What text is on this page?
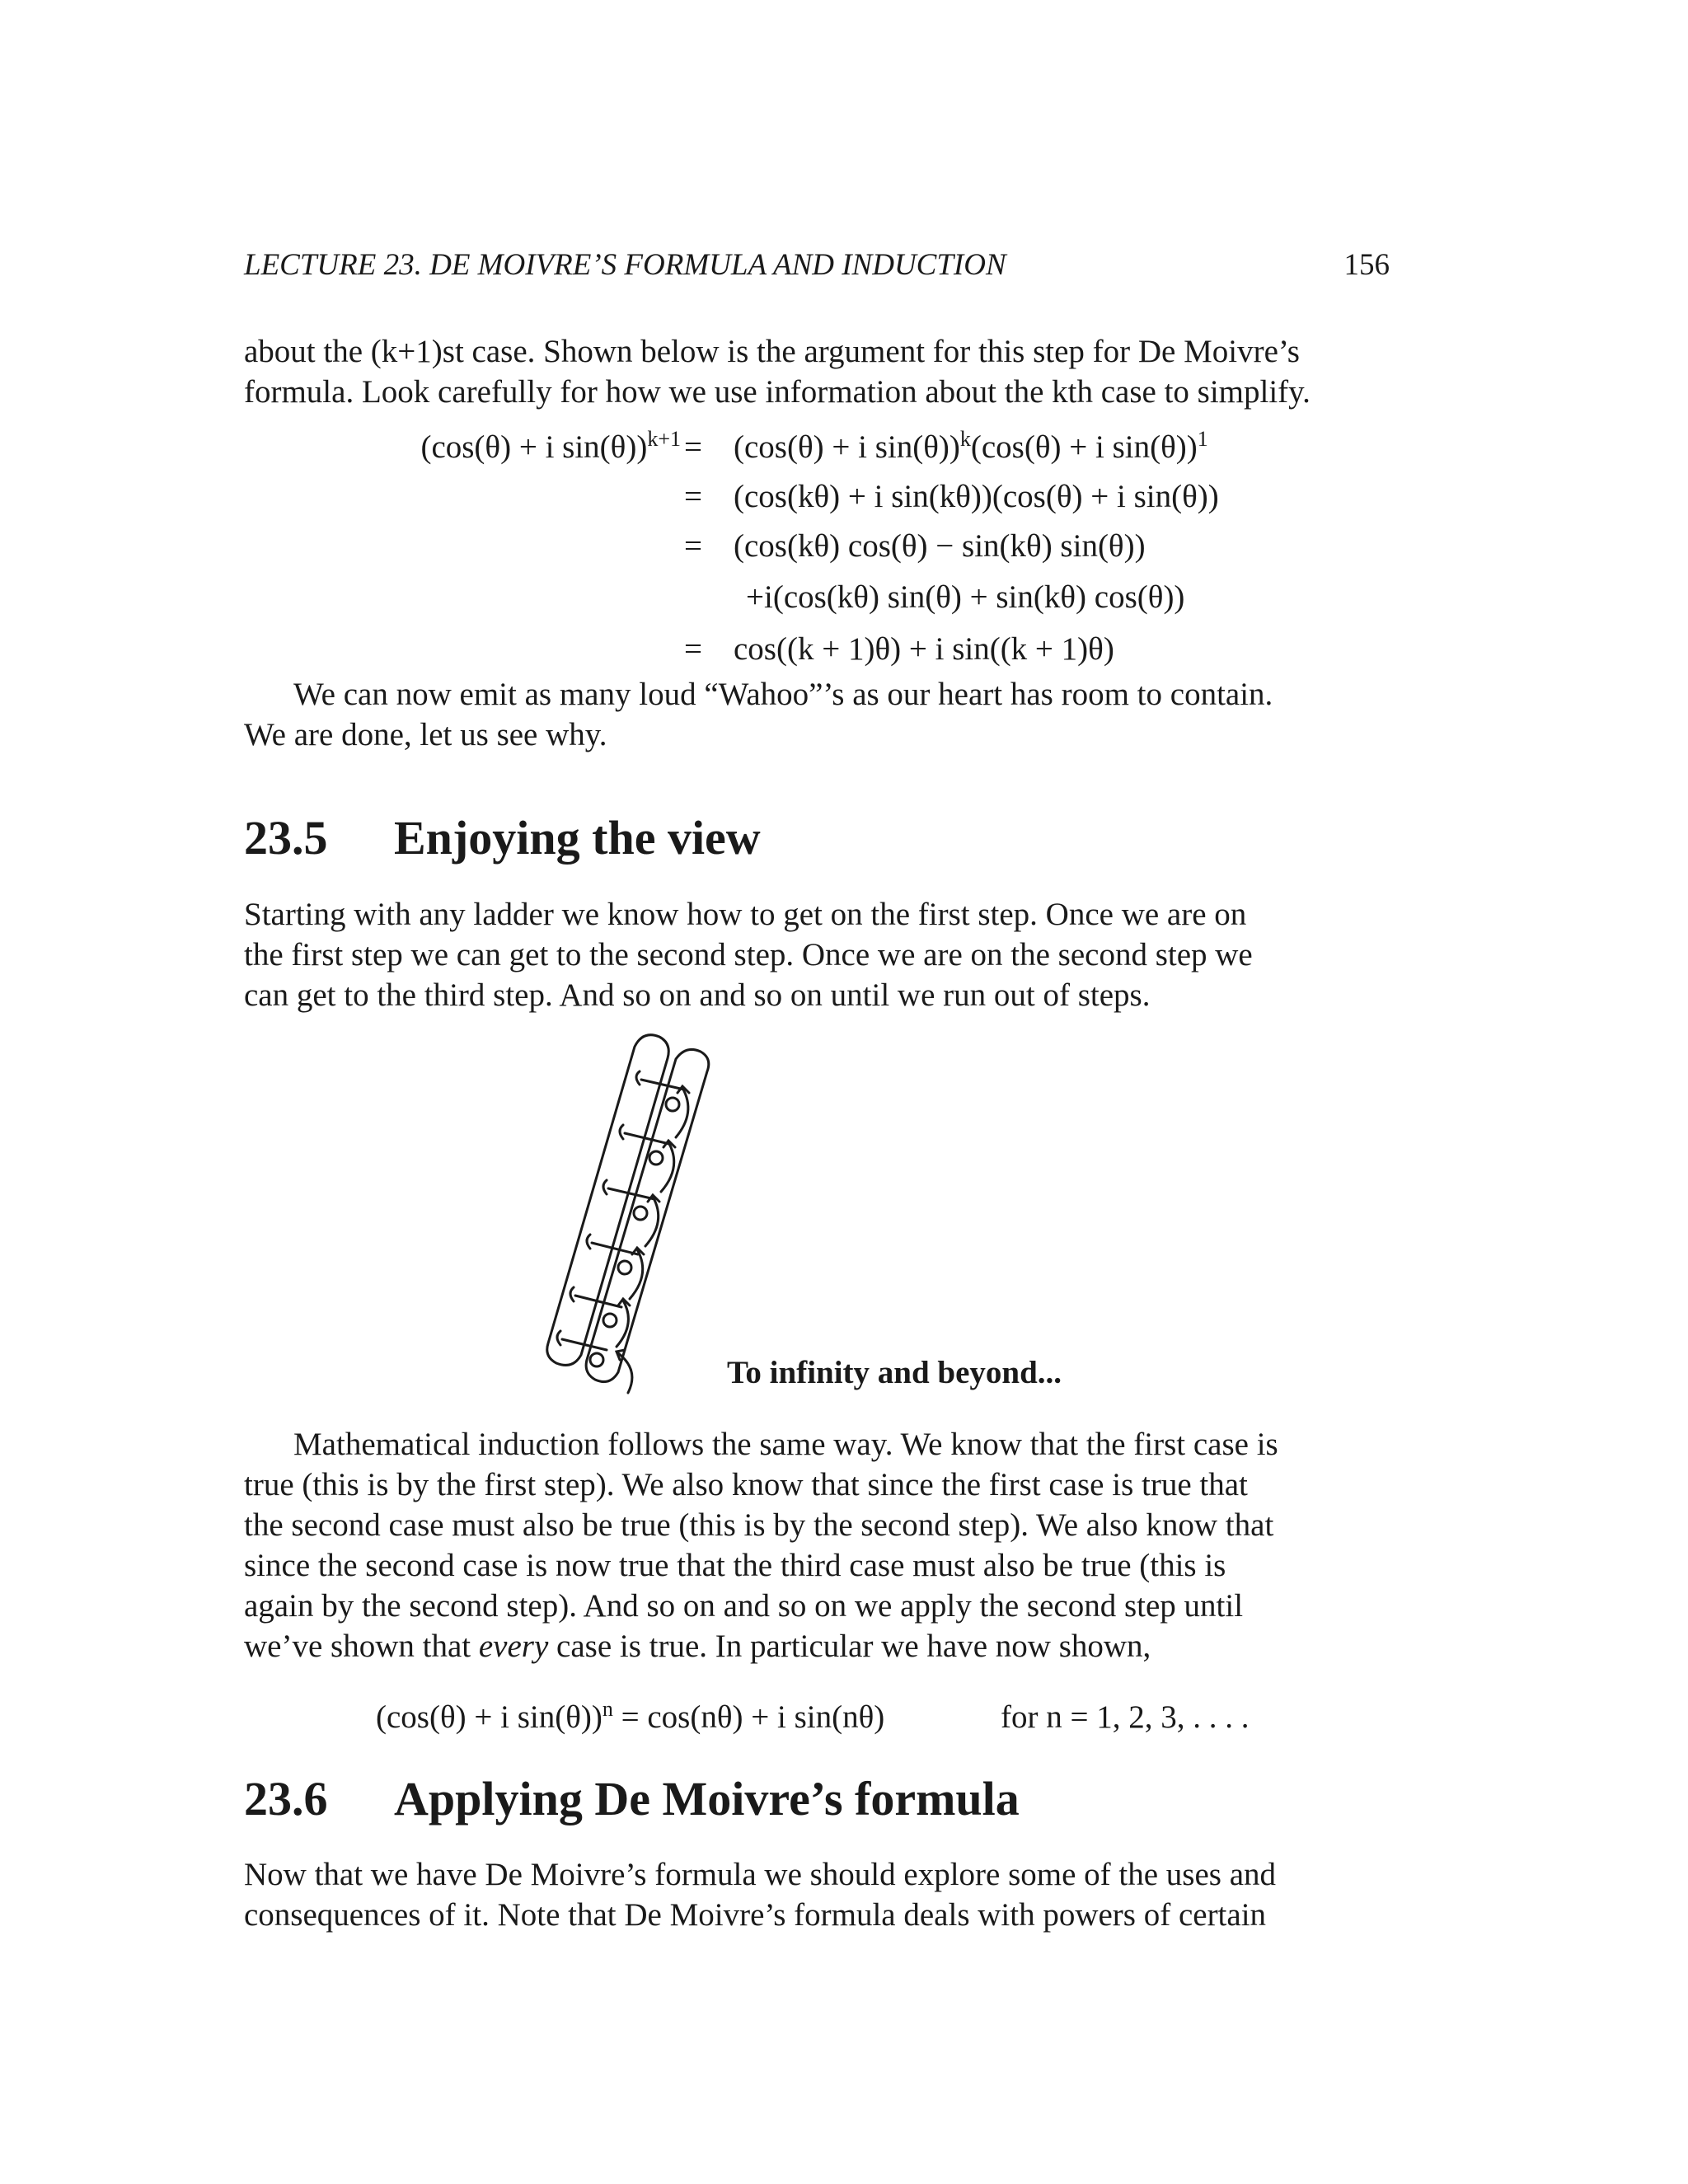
LECTURE 23. DE MOIVRE’S FORMULA AND INDUCTION	156

about the (k+1)st case. Shown below is the argument for this step for De Moivre’s
formula. Look carefully for how we use information about the kth case to simplify.

(cos(θ) + i sin(θ))$^{k+1}$ = (cos(θ) + i sin(θ))$^k$(cos(θ) + i sin(θ))$^1$
= (cos(kθ) + i sin(kθ))(cos(θ) + i sin(θ))
= (cos(kθ) cos(θ) − sin(kθ) sin(θ))
+i(cos(kθ) sin(θ) + sin(kθ) cos(θ))
= cos((k + 1)θ) + i sin((k + 1)θ)

We can now emit as many loud “Wahoo”’s as our heart has room to contain.
We are done, let us see why.

23.5 Enjoying the view

Starting with any ladder we know how to get on the first step. Once we are on
the first step we can get to the second step. Once we are on the second step we
can get to the third step. And so on and so on until we run out of steps.

To infinity and beyond...

Mathematical induction follows the same way. We know that the first case is
true (this is by the first step). We also know that since the first case is true that
the second case must also be true (this is by the second step). We also know that
since the second case is now true that the third case must also be true (this is
again by the second step). And so on and so on we apply the second step until
we’ve shown that every case is true. In particular we have now shown,

(cos(θ) + i sin(θ))$^n$ = cos(nθ) + i sin(nθ)	for n = 1, 2, 3, . . . .
23.6 Applying De Moivre’s formula

Now that we have De Moivre’s formula we should explore some of the uses and
consequences of it. Note that De Moivre’s formula deals with powers of certain
